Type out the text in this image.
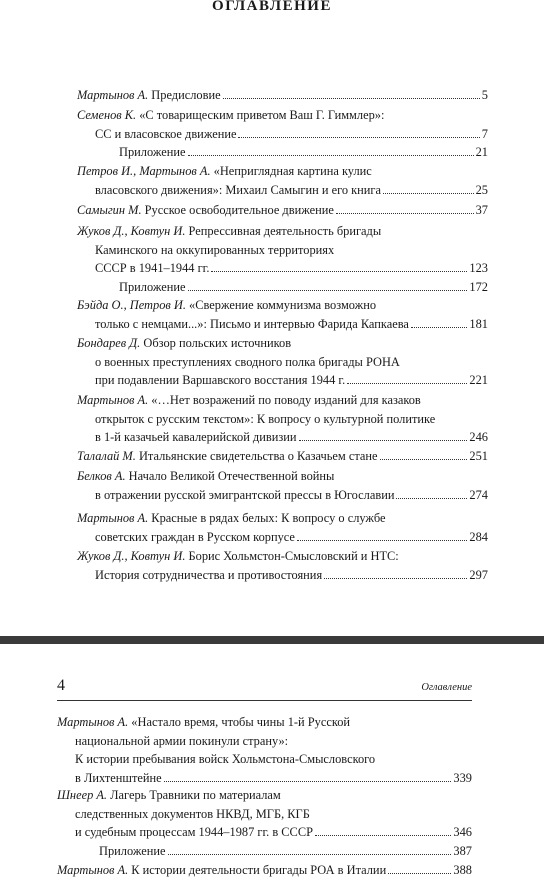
ОГЛАВЛЕНИЕ
Мартынов А. Предисловие	5
Семенов К. «С товарищеским приветом Ваш Г. Гиммлер»:
СС и власовское движение	7
Приложение	21
Петров И., Мартынов А. «Неприглядная картина кулис
власовского движения»: Михаил Самыгин и его книга	25
Самыгин М. Русское освободительное движение	37
Жуков Д., Ковтун И. Репрессивная деятельность бригады
Каминского на оккупированных территориях
СССР в 1941–1944 гг.	123
Приложение	172
Бэйда О., Петров И. «Свержение коммунизма возможно
только с немцами...»: Письмо и интервью Фарида Капкаева	181
Бондарев Д. Обзор польских источников
о военных преступлениях сводного полка бригады РОНА
при подавлении Варшавского восстания 1944 г.	221
Мартынов А. «…Нет возражений по поводу изданий для казаков
открыток с русским текстом»: К вопросу о культурной политике
в 1-й казачьей кавалерийской дивизии	246
Талалай М. Итальянские свидетельства о Казачьем стане	251
Белков А. Начало Великой Отечественной войны
в отражении русской эмигрантской прессы в Югославии	274
Мартынов А. Красные в рядах белых: К вопросу о службе
советских граждан в Русском корпусе	284
Жуков Д., Ковтун И. Борис Хольмстон-Смысловский и НТС:
История сотрудничества и противостояния	297
4	Оглавление
Мартынов А. «Настало время, чтобы чины 1-й Русской
национальной армии покинули страну»:
К истории пребывания войск Хольмстона-Смысловского
в Лихтенштейне	339
Шнеер А. Лагерь Травники по материалам
следственных документов НКВД, МГБ, КГБ
и судебным процессам 1944–1987 гг. в СССР	346
Приложение	387
Мартынов А. К истории деятельности бригады РОА в Италии	388
